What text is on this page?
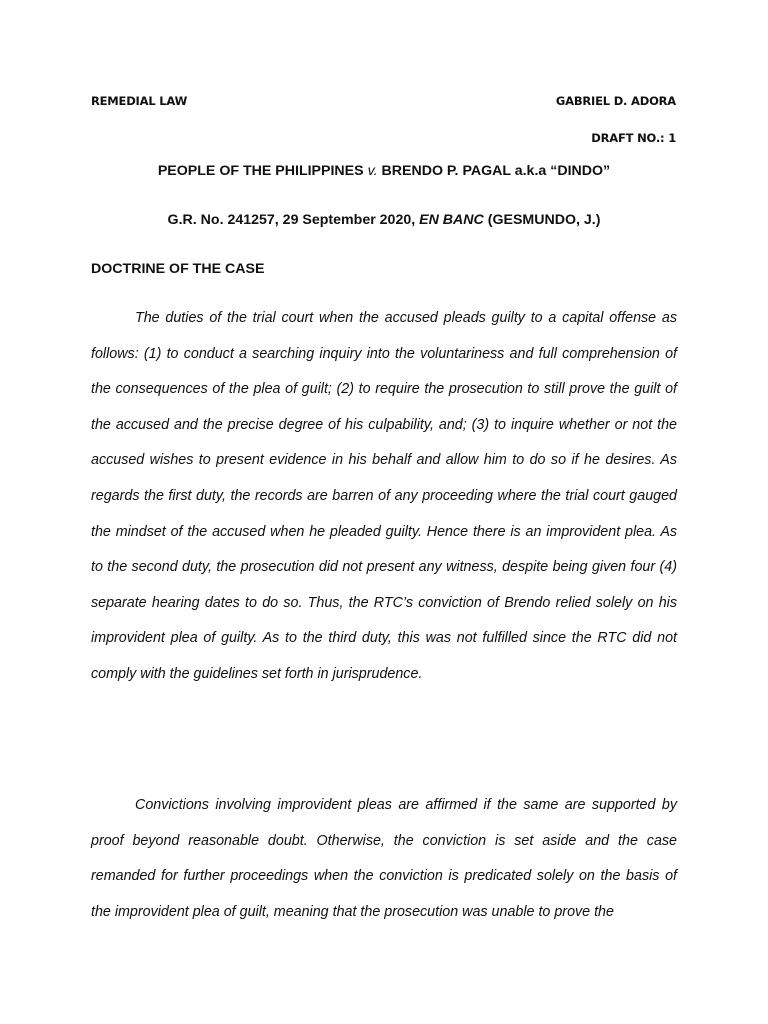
REMEDIAL LAW	GABRIEL D. ADORA
DRAFT NO.: 1
PEOPLE OF THE PHILIPPINES v. BRENDO P. PAGAL a.k.a “DINDO”
G.R. No. 241257, 29 September 2020, EN BANC (GESMUNDO, J.)
DOCTRINE OF THE CASE

The duties of the trial court when the accused pleads guilty to a capital offense as follows: (1) to conduct a searching inquiry into the voluntariness and full comprehension of the consequences of the plea of guilt; (2) to require the prosecution to still prove the guilt of the accused and the precise degree of his culpability, and; (3) to inquire whether or not the accused wishes to present evidence in his behalf and allow him to do so if he desires. As regards the first duty, the records are barren of any proceeding where the trial court gauged the mindset of the accused when he pleaded guilty. Hence there is an improvident plea. As to the second duty, the prosecution did not present any witness, despite being given four (4) separate hearing dates to do so. Thus, the RTC’s conviction of Brendo relied solely on his improvident plea of guilty. As to the third duty, this was not fulfilled since the RTC did not comply with the guidelines set forth in jurisprudence.

Convictions involving improvident pleas are affirmed if the same are supported by proof beyond reasonable doubt. Otherwise, the conviction is set aside and the case remanded for further proceedings when the conviction is predicated solely on the basis of the improvident plea of guilt, meaning that the prosecution was unable to prove the
